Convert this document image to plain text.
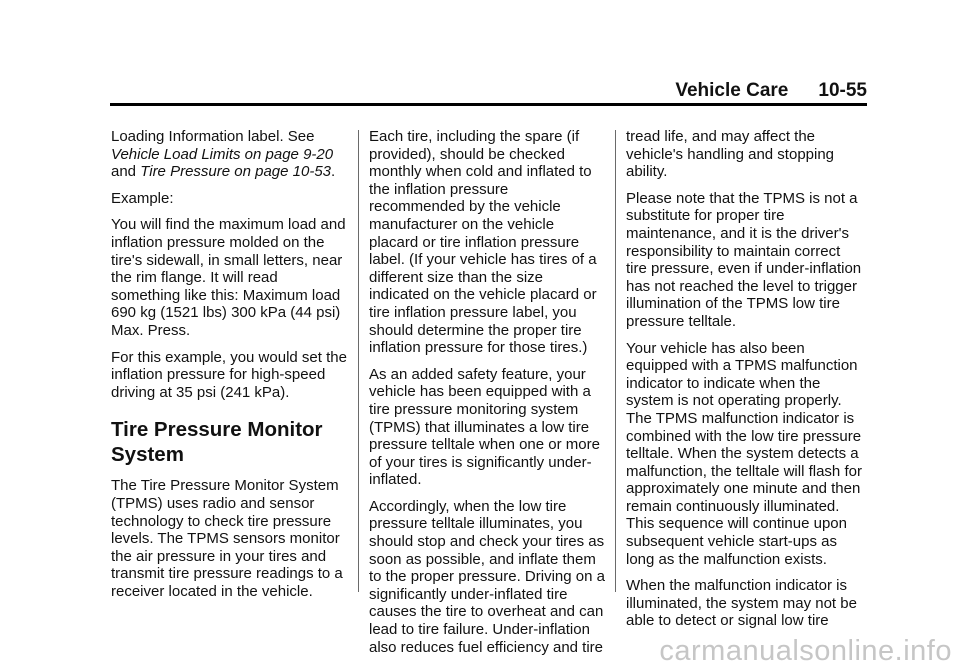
Vehicle Care 10-55

Loading Information label. See
Vehicle Load Limits on page 9-20
and Tire Pressure on page 10-53.

Example:

You will find the maximum load and inflation pressure molded on the tire's sidewall, in small letters, near the rim flange. It will read something like this: Maximum load
690 kg (1521 lbs) 300 kPa (44 psi)
Max. Press.

For this example, you would set the inflation pressure for high-speed driving at 35 psi (241 kPa).

Tire Pressure Monitor System

The Tire Pressure Monitor System (TPMS) uses radio and sensor technology to check tire pressure levels. The TPMS sensors monitor the air pressure in your tires and transmit tire pressure readings to a receiver located in the vehicle.

Each tire, including the spare (if provided), should be checked monthly when cold and inflated to the inflation pressure recommended by the vehicle manufacturer on the vehicle placard or tire inflation pressure label. (If your vehicle has tires of a different size than the size indicated on the vehicle placard or tire inflation pressure label, you should determine the proper tire inflation pressure for those tires.)

As an added safety feature, your vehicle has been equipped with a tire pressure monitoring system (TPMS) that illuminates a low tire pressure telltale when one or more of your tires is significantly under-inflated.

Accordingly, when the low tire pressure telltale illuminates, you should stop and check your tires as soon as possible, and inflate them to the proper pressure. Driving on a significantly under-inflated tire causes the tire to overheat and can lead to tire failure. Under-inflation also reduces fuel efficiency and tire

tread life, and may affect the vehicle's handling and stopping ability.

Please note that the TPMS is not a substitute for proper tire maintenance, and it is the driver's responsibility to maintain correct tire pressure, even if under-inflation has not reached the level to trigger illumination of the TPMS low tire pressure telltale.

Your vehicle has also been equipped with a TPMS malfunction indicator to indicate when the system is not operating properly. The TPMS malfunction indicator is combined with the low tire pressure telltale. When the system detects a malfunction, the telltale will flash for approximately one minute and then remain continuously illuminated. This sequence will continue upon subsequent vehicle start-ups as long as the malfunction exists.

When the malfunction indicator is illuminated, the system may not be able to detect or signal low tire

carmanualsonline.info
